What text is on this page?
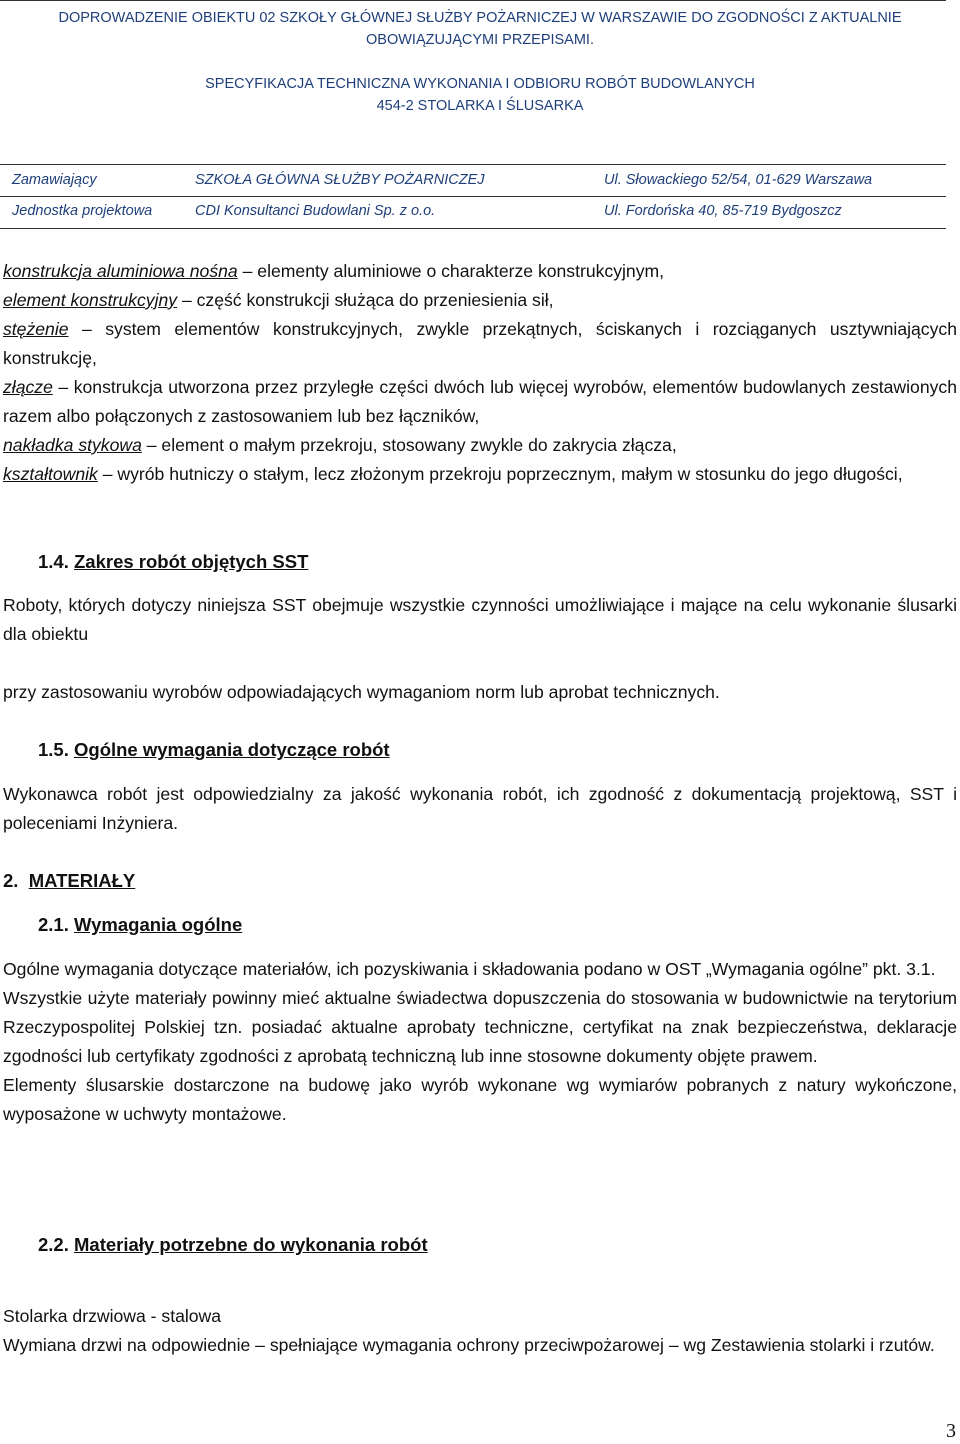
DOPROWADZENIE OBIEKTU 02 SZKOŁY GŁÓWNEJ SŁUŻBY POŻARNICZEJ W WARSZAWIE DO ZGODNOŚCI Z AKTUALNIE
OBOWIĄZUJĄCYMI PRZEPISAMI.
SPECYFIKACJA TECHNICZNA WYKONANIA I ODBIORU ROBÓT BUDOWLANYCH
454-2 STOLARKA I ŚLUSARKA
Zamawiający	SZKOŁA GŁÓWNA SŁUŻBY POŻARNICZEJ	Ul. Słowackiego 52/54, 01-629 Warszawa
Jednostka projektowa	CDI Konsultanci Budowlani Sp. z o.o.	Ul. Fordońska 40, 85-719 Bydgoszcz

konstrukcja aluminiowa nośna – elementy aluminiowe o charakterze konstrukcyjnym,

element konstrukcyjny – część konstrukcji służąca do przeniesienia sił,

stężenie – system elementów konstrukcyjnych, zwykle przekątnych, ściskanych i rozciąganych usztywniających konstrukcję,

złącze – konstrukcja utworzona przez przyległe części dwóch lub więcej wyrobów, elementów budowlanych zestawionych razem albo połączonych z zastosowaniem lub bez łączników,

nakładka stykowa – element o małym przekroju, stosowany zwykle do zakrycia złącza,

kształtownik – wyrób hutniczy o stałym, lecz złożonym przekroju poprzecznym, małym w stosunku do jego długości,

1.4. Zakres robót objętych SST
Roboty, których dotyczy niniejsza SST obejmuje wszystkie czynności umożliwiające i mające na celu wykonanie ślusarki dla obiektu
przy zastosowaniu wyrobów odpowiadających wymaganiom norm lub aprobat technicznych.
1.5. Ogólne wymagania dotyczące robót
Wykonawca robót jest odpowiedzialny za jakość wykonania robót, ich zgodność z dokumentacją projektową, SST i poleceniami Inżyniera.
2. MATERIAŁY
2.1. Wymagania ogólne

Ogólne wymagania dotyczące materiałów, ich pozyskiwania i składowania podano w OST „Wymagania ogólne” pkt. 3.1.

Wszystkie użyte materiały powinny mieć aktualne świadectwa dopuszczenia do stosowania w budownictwie na terytorium Rzeczypospolitej Polskiej tzn. posiadać aktualne aprobaty techniczne, certyfikat na znak bezpieczeństwa, deklaracje zgodności lub certyfikaty zgodności z aprobatą techniczną lub inne stosowne dokumenty objęte prawem.

Elementy ślusarskie dostarczone na budowę jako wyrób wykonane wg wymiarów pobranych z natury wykończone, wyposażone w uchwyty montażowe.

2.2. Materiały potrzebne do wykonania robót

Stolarka drzwiowa - stalowa

Wymiana drzwi na odpowiednie – spełniające wymagania ochrony przeciwpożarowej – wg Zestawienia stolarki i rzutów.

3
